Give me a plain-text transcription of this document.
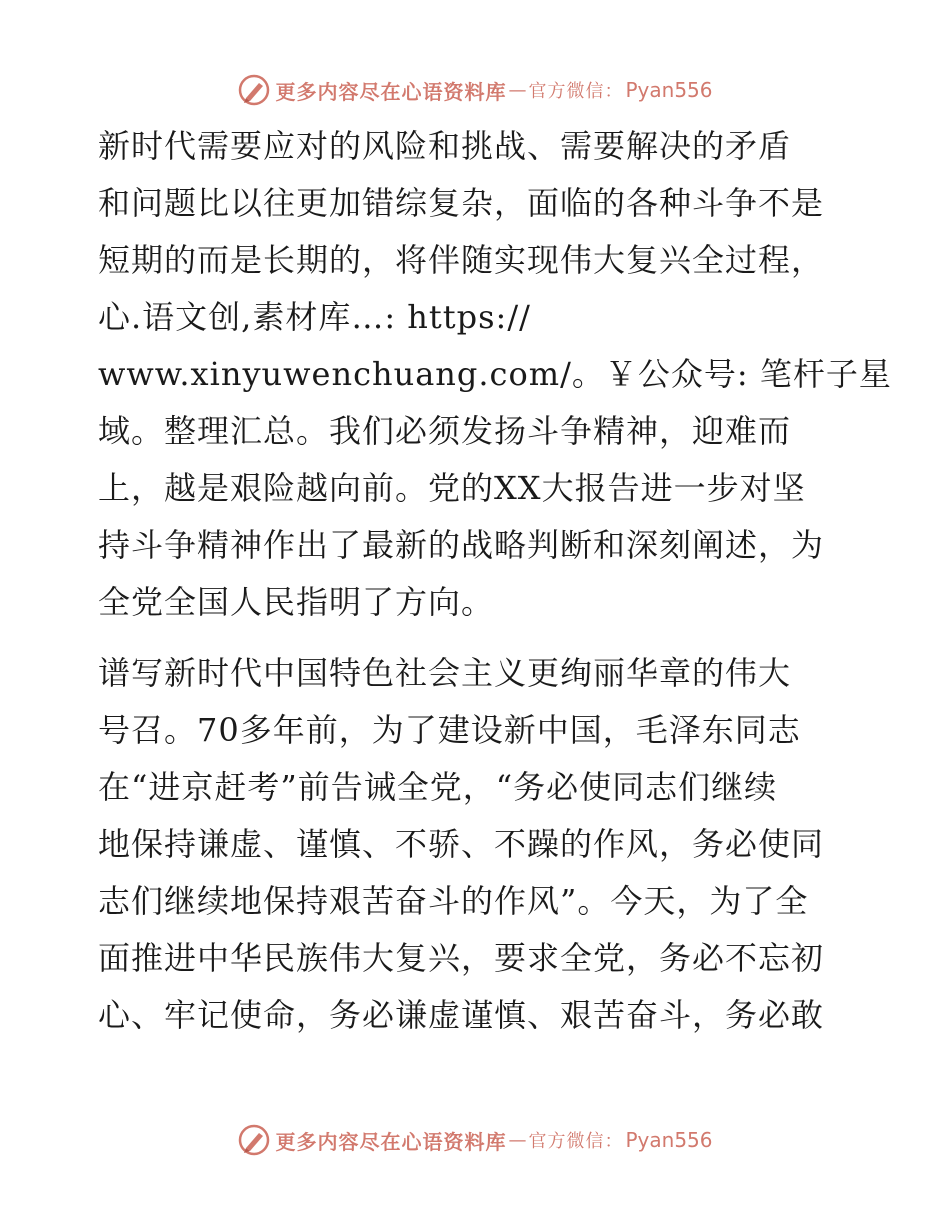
更多内容尽在心语资料库 — 官方微信： Pyan556
新时代需要应对的风险和挑战、需要解决的矛盾
和问题比以往更加错综复杂，面临的各种斗争不是
短期的而是长期的，将伴随实现伟大复兴全过程，
心.语文创,素材库…: https://
www.xinyuwenchuang.com/。￥公众号: 笔杆子星
域。整理汇总。我们必须发扬斗争精神，迎难而
上，越是艰险越向前。党的XX大报告进一步对坚
持斗争精神作出了最新的战略判断和深刻阐述，为
全党全国人民指明了方向。
谱写新时代中国特色社会主义更绚丽华章的伟大
号召。70多年前，为了建设新中国，毛泽东同志
在“进京赶考”前告诫全党，“务必使同志们继续
地保持谦虚、谨慎、不骄、不躁的作风，务必使同
志们继续地保持艰苦奋斗的作风”。今天，为了全
面推进中华民族伟大复兴，要求全党，务必不忘初
心、牢记使命，务必谦虚谨慎、艰苦奋斗，务必敢
更多内容尽在心语资料库 — 官方微信： Pyan556
